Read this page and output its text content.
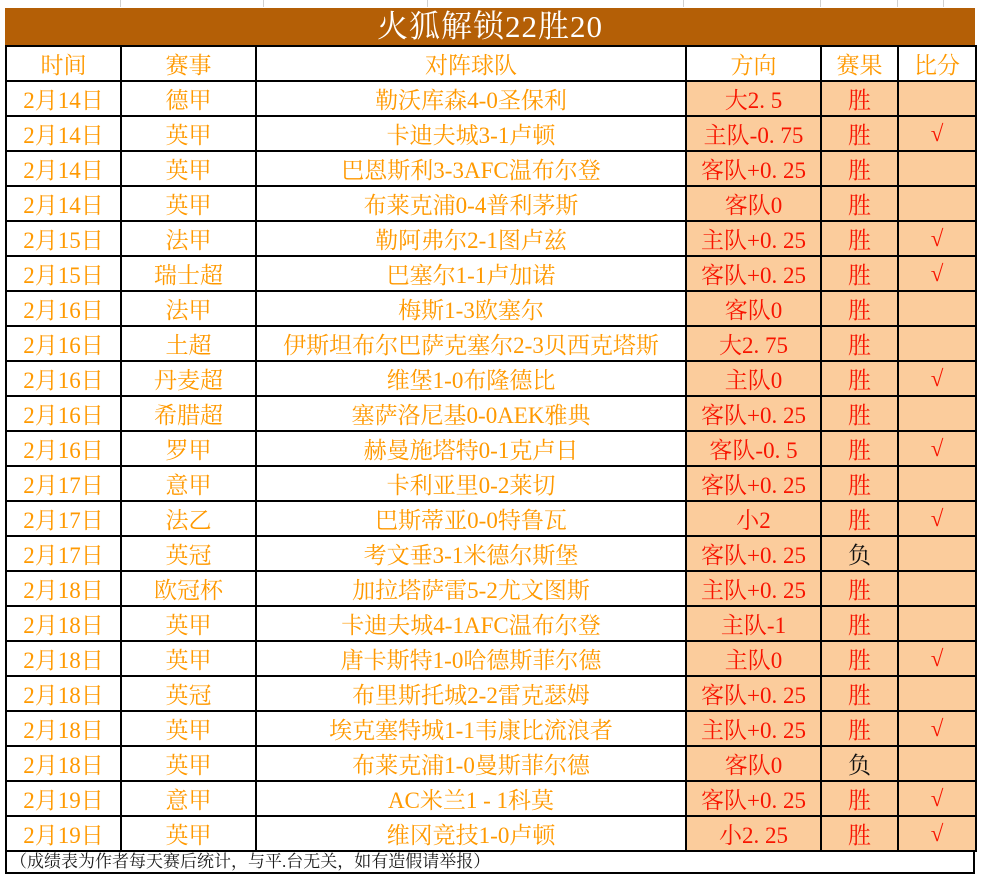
火狐解锁22胜20
时间	赛事	对阵球队	方向	赛果	比分
2月14日	德甲	勒沃库森4-0圣保利	大2. 5	胜	
2月14日	英甲	卡迪夫城3-1卢顿	主队-0. 75	胜	√
2月14日	英甲	巴恩斯利3-3AFC温布尔登	客队+0. 25	胜	
2月14日	英甲	布莱克浦0-4普利茅斯	客队0	胜	
2月15日	法甲	勒阿弗尔2-1图卢兹	主队+0. 25	胜	√
2月15日	瑞士超	巴塞尔1-1卢加诺	客队+0. 25	胜	√
2月16日	法甲	梅斯1-3欧塞尔	客队0	胜	
2月16日	土超	伊斯坦布尔巴萨克塞尔2-3贝西克塔斯	大2. 75	胜	
2月16日	丹麦超	维堡1-0布隆德比	主队0	胜	√
2月16日	希腊超	塞萨洛尼基0-0AEK雅典	客队+0. 25	胜	
2月16日	罗甲	赫曼施塔特0-1克卢日	客队-0. 5	胜	√
2月17日	意甲	卡利亚里0-2莱切	客队+0. 25	胜	
2月17日	法乙	巴斯蒂亚0-0特鲁瓦	小2	胜	√
2月17日	英冠	考文垂3-1米德尔斯堡	客队+0. 25	负	
2月18日	欧冠杯	加拉塔萨雷5-2尤文图斯	主队+0. 25	胜	
2月18日	英甲	卡迪夫城4-1AFC温布尔登	主队-1	胜	
2月18日	英甲	唐卡斯特1-0哈德斯菲尔德	主队0	胜	√
2月18日	英冠	布里斯托城2-2雷克瑟姆	客队+0. 25	胜	
2月18日	英甲	埃克塞特城1-1韦康比流浪者	主队+0. 25	胜	√
2月18日	英甲	布莱克浦1-0曼斯菲尔德	客队0	负	
2月19日	意甲	AC米兰1 - 1科莫	客队+0. 25	胜	√
2月19日	英甲	维冈竞技1-0卢顿	小2. 25	胜	√
（成绩表为作者每天赛后统计，与平.台无关，如有造假请举报）
